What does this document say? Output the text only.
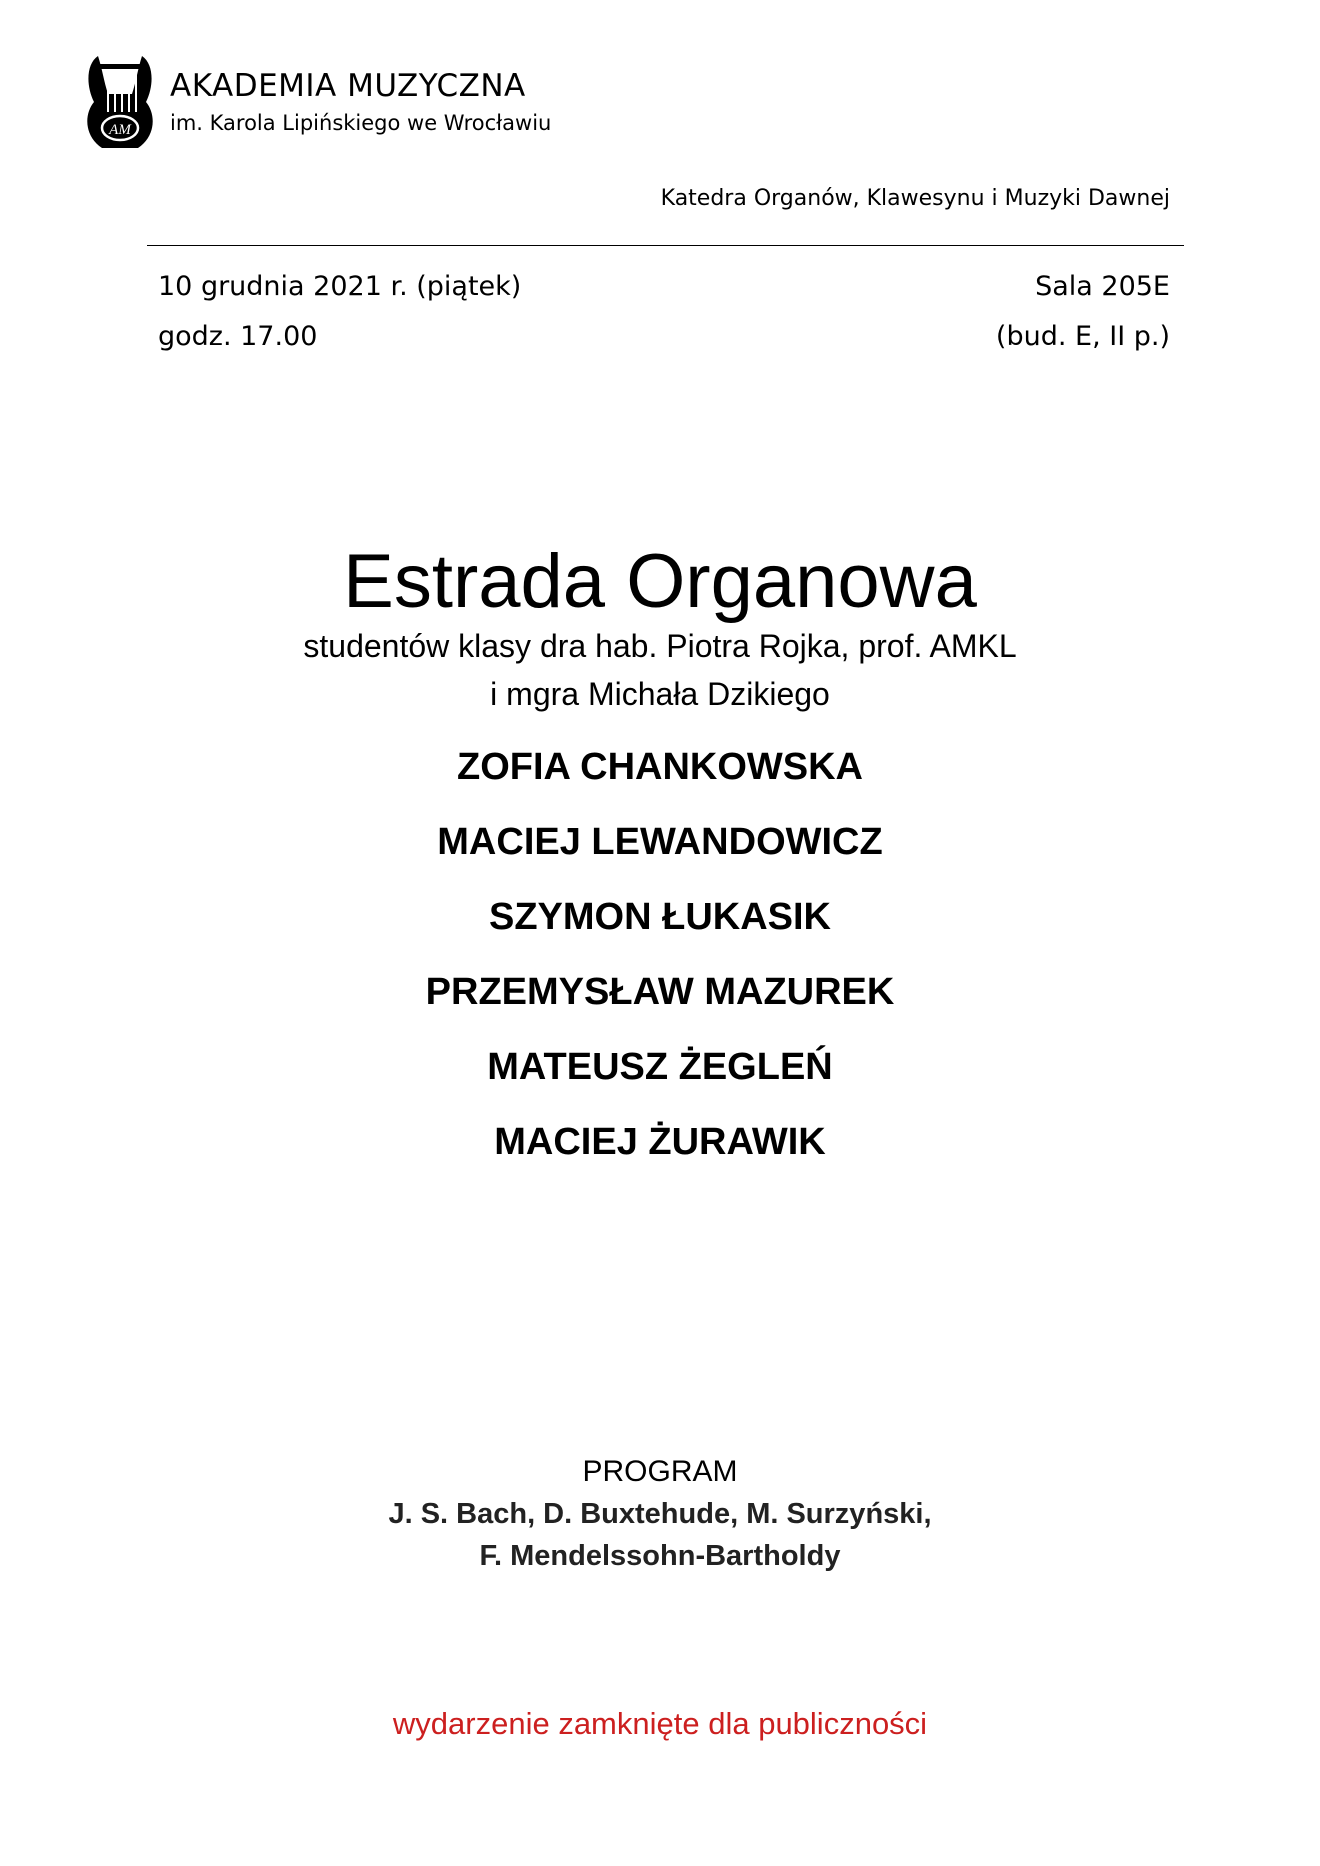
AM
AKADEMIA MUZYCZNA
im. Karola Lipińskiego we Wrocławiu
Katedra Organów, Klawesynu i Muzyki Dawnej
10 grudnia 2021 r. (piątek)
godz. 17.00
Sala 205E
(bud. E, II p.)
Estrada Organowa
studentów klasy dra hab. Piotra Rojka, prof. AMKL
i mgra Michała Dzikiego
ZOFIA CHANKOWSKA
MACIEJ LEWANDOWICZ
SZYMON ŁUKASIK
PRZEMYSŁAW MAZUREK
MATEUSZ ŻEGLEŃ
MACIEJ ŻURAWIK
PROGRAM
J. S. Bach, D. Buxtehude, M. Surzyński,
F. Mendelssohn-Bartholdy
wydarzenie zamknięte dla publiczności
